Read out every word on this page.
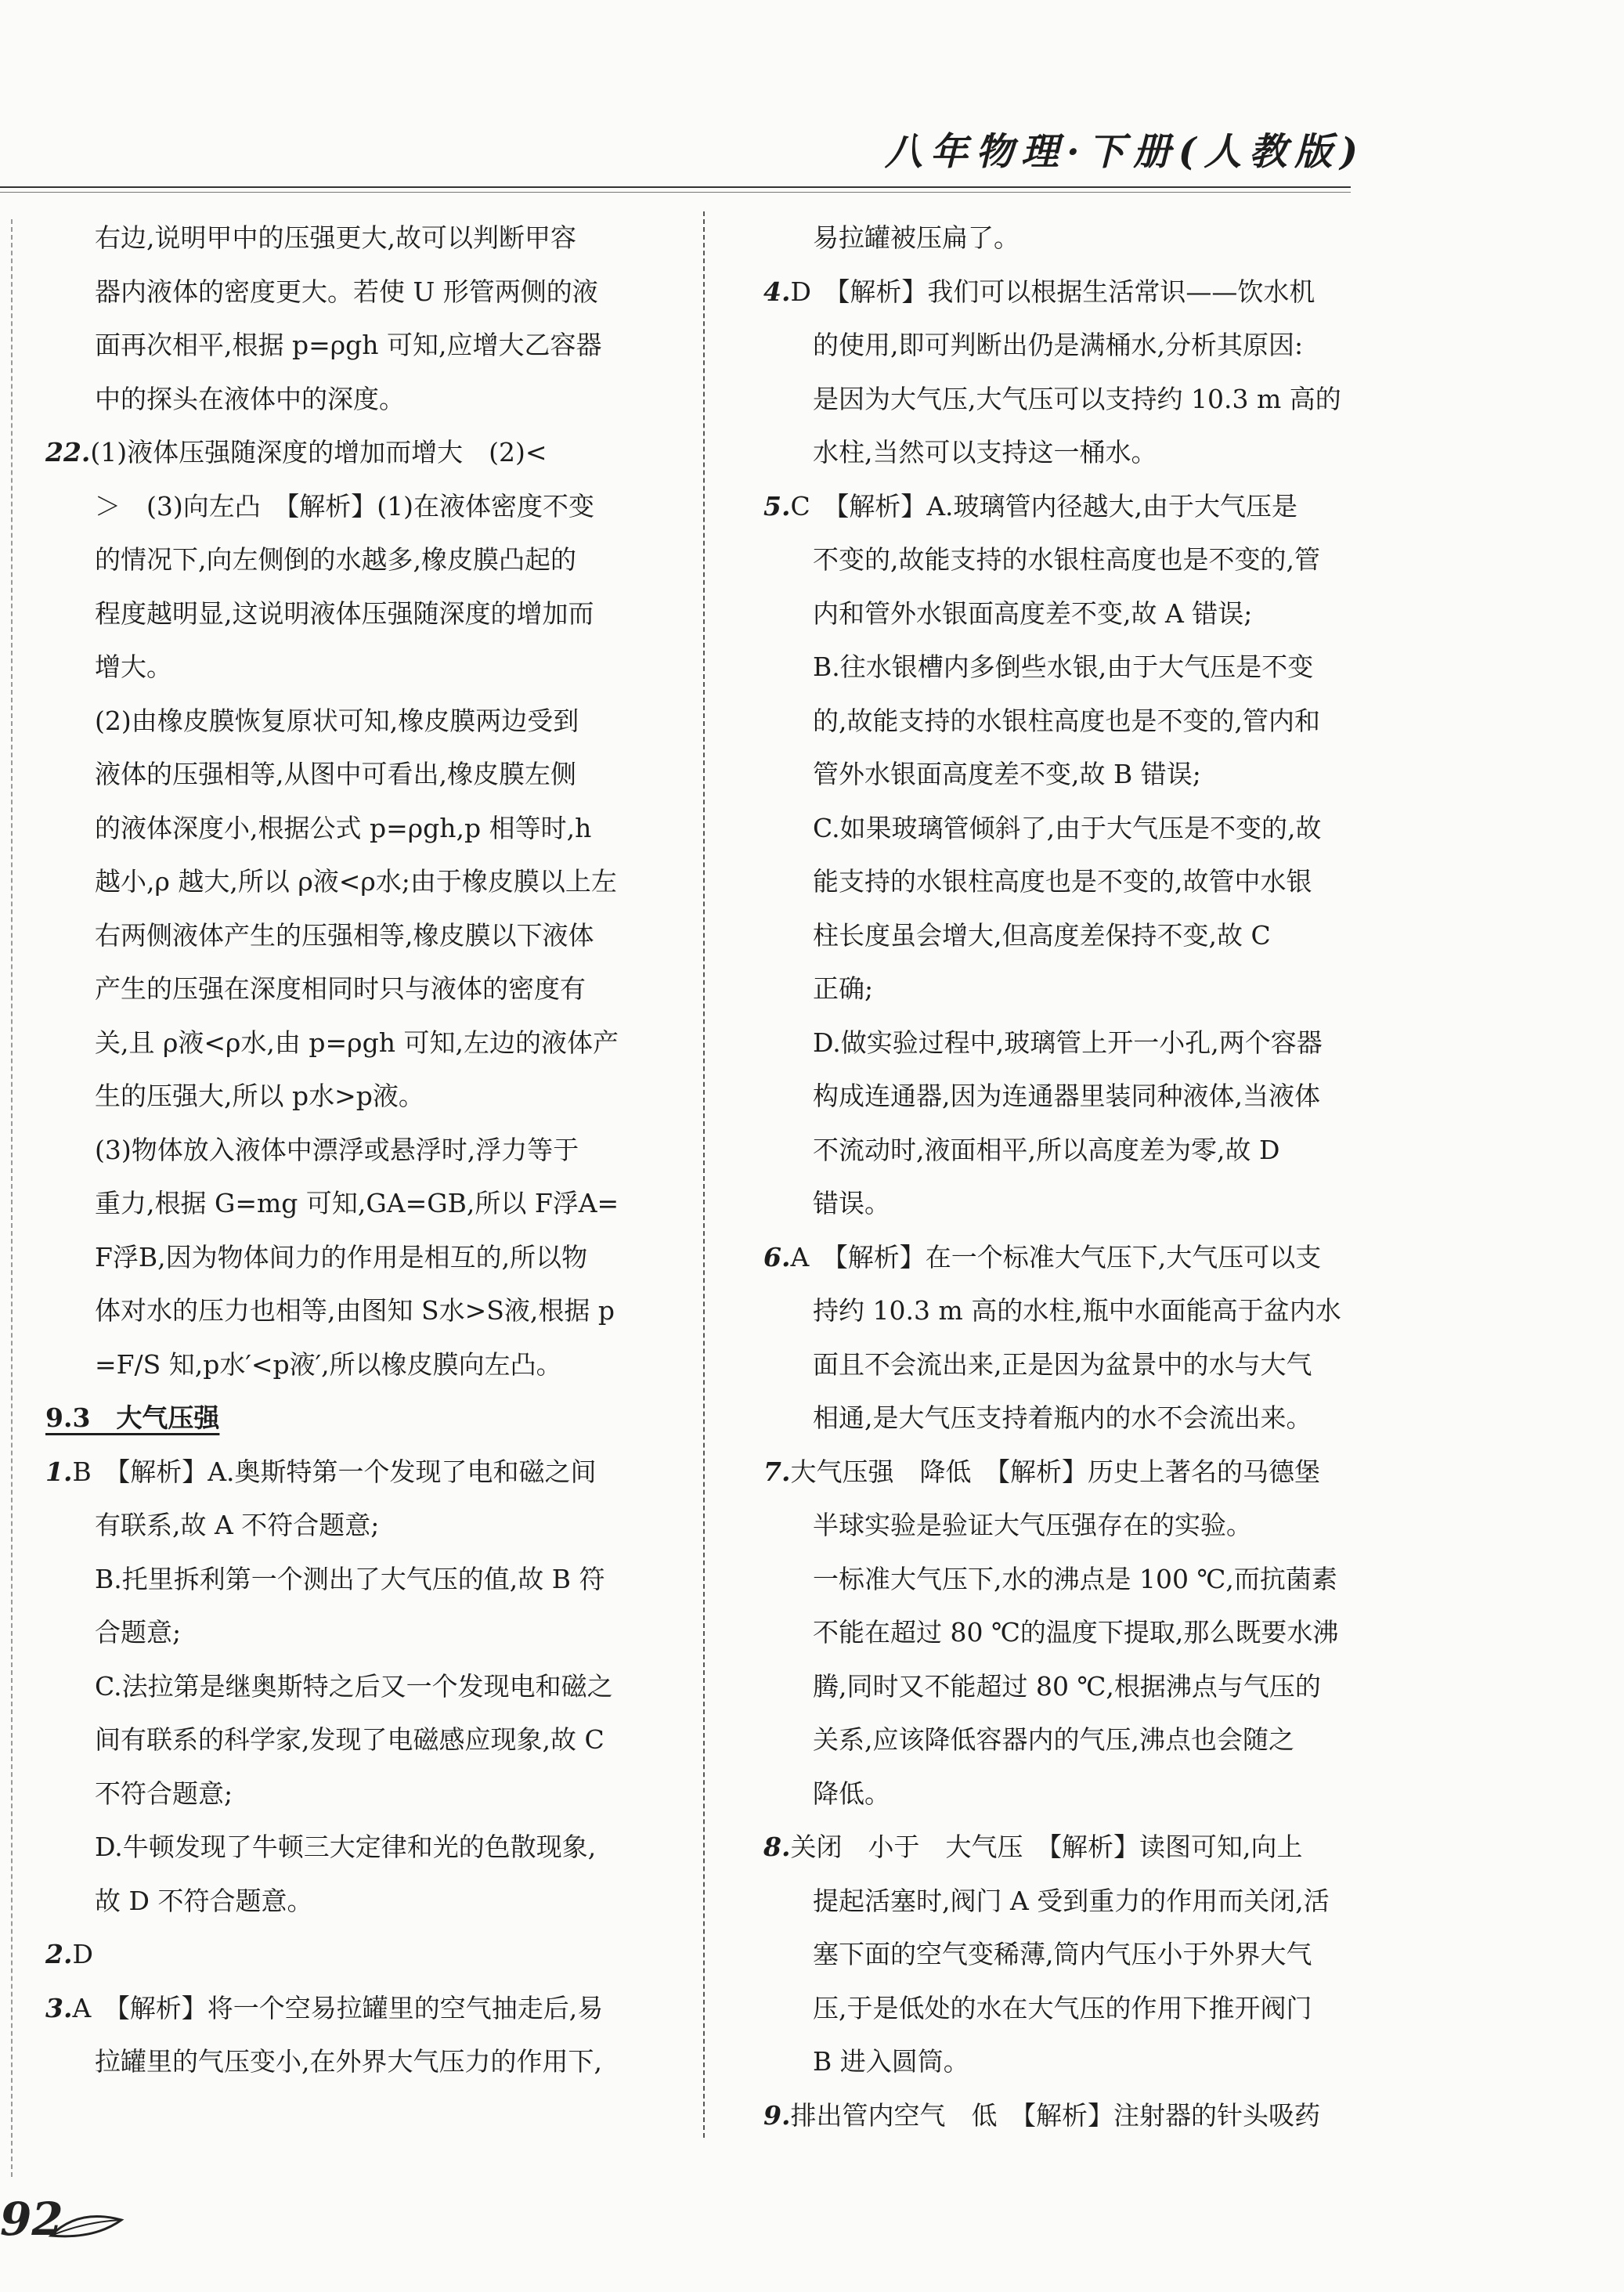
八年物理·下册(人教版)
右边,说明甲中的压强更大,故可以判断甲容
器内液体的密度更大。若使 U 形管两侧的液
面再次相平,根据 p=ρgh 可知,应增大乙容器
中的探头在液体中的深度。
22.(1)液体压强随深度的增加而增大　(2)<
＞　(3)向左凸　【解析】(1)在液体密度不变
的情况下,向左侧倒的水越多,橡皮膜凸起的
程度越明显,这说明液体压强随深度的增加而
增大。
(2)由橡皮膜恢复原状可知,橡皮膜两边受到
液体的压强相等,从图中可看出,橡皮膜左侧
的液体深度小,根据公式 p=ρgh,p 相等时,h
越小,ρ 越大,所以 ρ液<ρ水;由于橡皮膜以上左
右两侧液体产生的压强相等,橡皮膜以下液体
产生的压强在深度相同时只与液体的密度有
关,且 ρ液<ρ水,由 p=ρgh 可知,左边的液体产
生的压强大,所以 p水>p液。
(3)物体放入液体中漂浮或悬浮时,浮力等于
重力,根据 G=mg 可知,GA=GB,所以 F浮A=
F浮B,因为物体间力的作用是相互的,所以物
体对水的压力也相等,由图知 S水>S液,根据 p
=F/S 知,p水′<p液′,所以橡皮膜向左凸。
9.3　大气压强
1.B　【解析】A.奥斯特第一个发现了电和磁之间
有联系,故 A 不符合题意;
B.托里拆利第一个测出了大气压的值,故 B 符
合题意;
C.法拉第是继奥斯特之后又一个发现电和磁之
间有联系的科学家,发现了电磁感应现象,故 C
不符合题意;
D.牛顿发现了牛顿三大定律和光的色散现象,
故 D 不符合题意。
2.D
3.A　【解析】将一个空易拉罐里的空气抽走后,易
拉罐里的气压变小,在外界大气压力的作用下,
易拉罐被压扁了。
4.D　【解析】我们可以根据生活常识——饮水机
的使用,即可判断出仍是满桶水,分析其原因:
是因为大气压,大气压可以支持约 10.3 m 高的
水柱,当然可以支持这一桶水。
5.C　【解析】A.玻璃管内径越大,由于大气压是
不变的,故能支持的水银柱高度也是不变的,管
内和管外水银面高度差不变,故 A 错误;
B.往水银槽内多倒些水银,由于大气压是不变
的,故能支持的水银柱高度也是不变的,管内和
管外水银面高度差不变,故 B 错误;
C.如果玻璃管倾斜了,由于大气压是不变的,故
能支持的水银柱高度也是不变的,故管中水银
柱长度虽会增大,但高度差保持不变,故 C
正确;
D.做实验过程中,玻璃管上开一小孔,两个容器
构成连通器,因为连通器里装同种液体,当液体
不流动时,液面相平,所以高度差为零,故 D
错误。
6.A　【解析】在一个标准大气压下,大气压可以支
持约 10.3 m 高的水柱,瓶中水面能高于盆内水
面且不会流出来,正是因为盆景中的水与大气
相通,是大气压支持着瓶内的水不会流出来。
7.大气压强　降低　【解析】历史上著名的马德堡
半球实验是验证大气压强存在的实验。
一标准大气压下,水的沸点是 100 ℃,而抗菌素
不能在超过 80 ℃的温度下提取,那么既要水沸
腾,同时又不能超过 80 ℃,根据沸点与气压的
关系,应该降低容器内的气压,沸点也会随之
降低。
8.关闭　小于　大气压　【解析】读图可知,向上
提起活塞时,阀门 A 受到重力的作用而关闭,活
塞下面的空气变稀薄,筒内气压小于外界大气
压,于是低处的水在大气压的作用下推开阀门
B 进入圆筒。
9.排出管内空气　低　【解析】注射器的针头吸药
92
